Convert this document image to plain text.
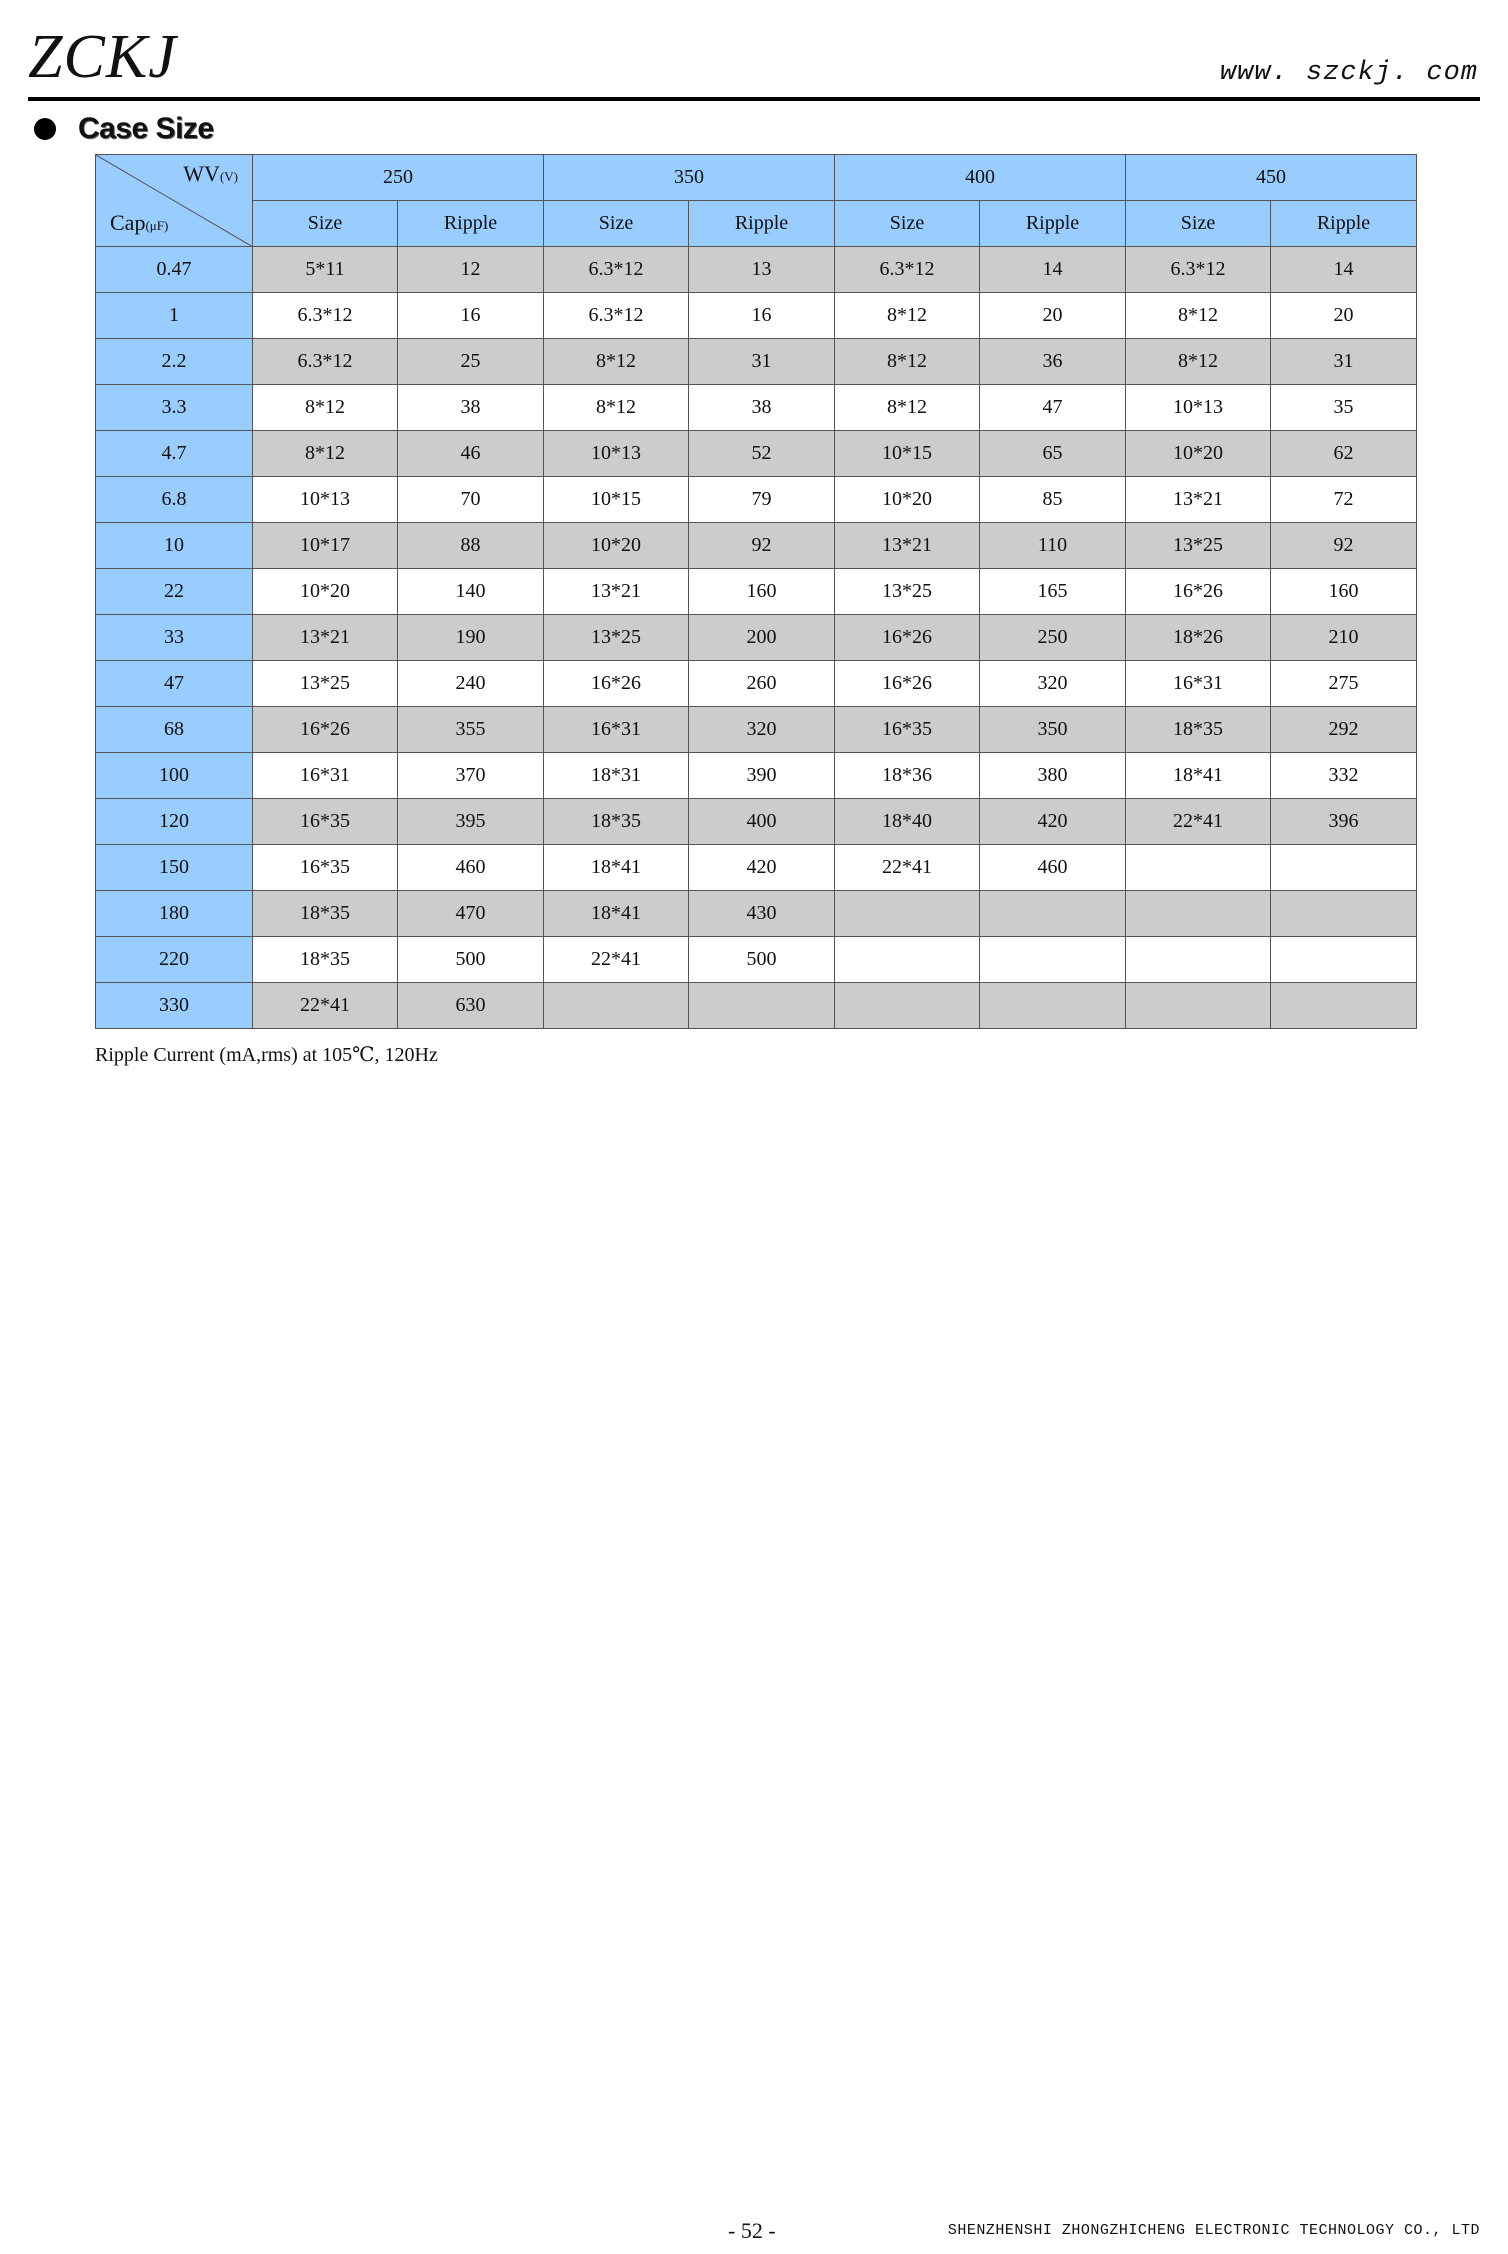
ZCKJ	www. szckj. com
Case Size
WV(V)
Cap(μF)	250		350		400		450	
	Size	Ripple	Size	Ripple	Size	Ripple	Size	Ripple
0.47	5*11	12	6.3*12	13	6.3*12	14	6.3*12	14
1	6.3*12	16	6.3*12	16	8*12	20	8*12	20
2.2	6.3*12	25	8*12	31	8*12	36	8*12	31
3.3	8*12	38	8*12	38	8*12	47	10*13	35
4.7	8*12	46	10*13	52	10*15	65	10*20	62
6.8	10*13	70	10*15	79	10*20	85	13*21	72
10	10*17	88	10*20	92	13*21	110	13*25	92
22	10*20	140	13*21	160	13*25	165	16*26	160
33	13*21	190	13*25	200	16*26	250	18*26	210
47	13*25	240	16*26	260	16*26	320	16*31	275
68	16*26	355	16*31	320	16*35	350	18*35	292
100	16*31	370	18*31	390	18*36	380	18*41	332
120	16*35	395	18*35	400	18*40	420	22*41	396
150	16*35	460	18*41	420	22*41	460		
180	18*35	470	18*41	430				
220	18*35	500	22*41	500				
330	22*41	630						
Ripple Current (mA,rms) at 105℃, 120Hz
- 52 -	SHENZHENSHI ZHONGZHICHENG ELECTRONIC TECHNOLOGY CO., LTD
